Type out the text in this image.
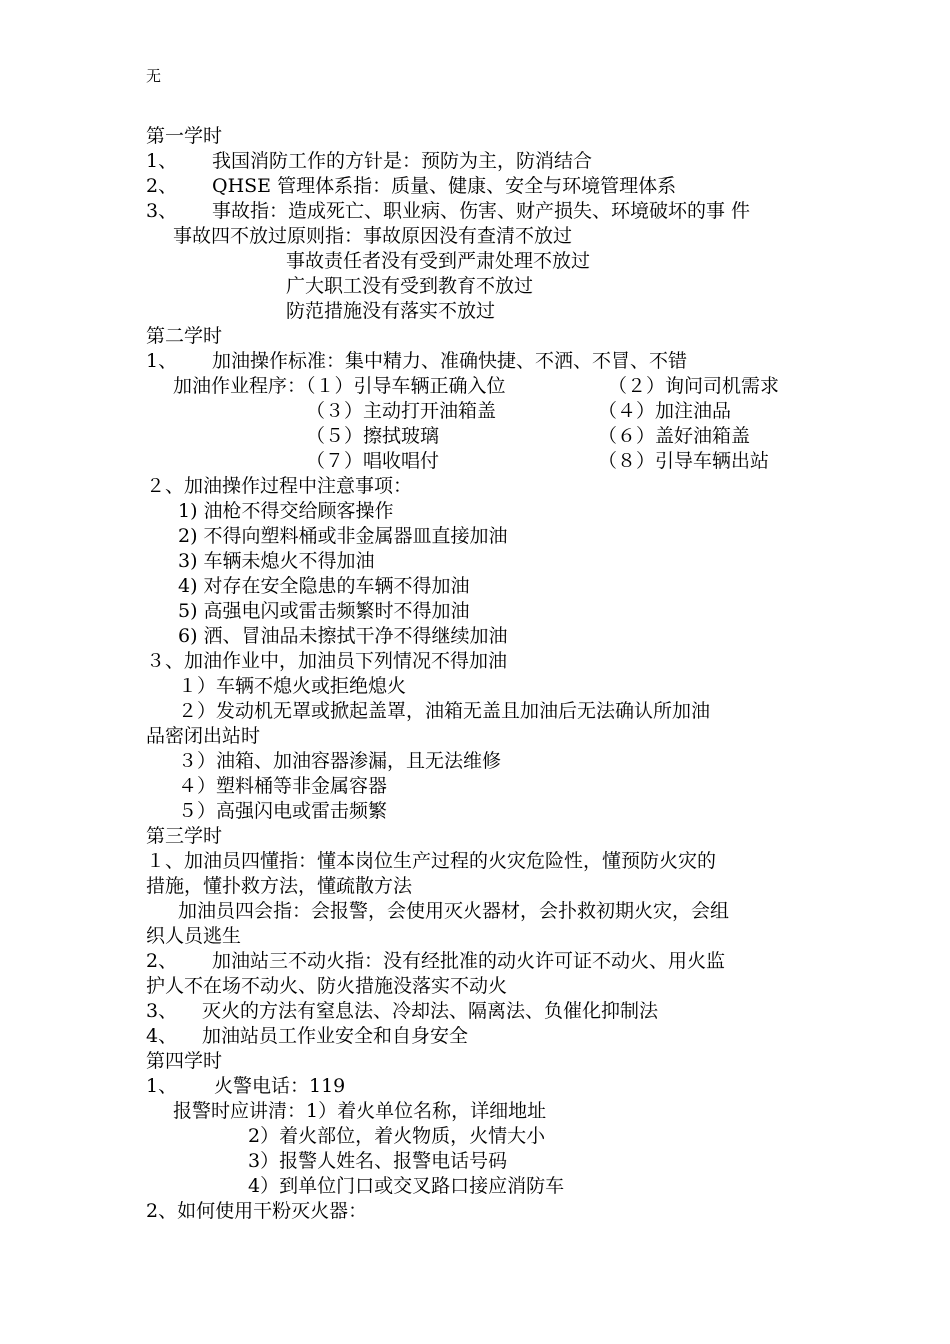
无
第一学时
1、 我国消防工作的方针是：预防为主，防消结合
2、 QHSE 管理体系指：质量、健康、安全与环境管理体系
3、 事故指：造成死亡、职业病、伤害、财产损失、环境破坏的事 件
事故四不放过原则指：事故原因没有查清不放过
事故责任者没有受到严肃处理不放过
广大职工没有受到教育不放过
防范措施没有落实不放过
第二学时
1、 加油操作标准：集中精力、准确快捷、不洒、不冒、不错
加油作业程序：（１）引导车辆正确入位	（２）询问司机需求
（３）主动打开油箱盖	（４）加注油品
（５）擦拭玻璃	（６）盖好油箱盖
（７）唱收唱付	（８）引导车辆出站
２、加油操作过程中注意事项：
1) 油枪不得交给顾客操作
2) 不得向塑料桶或非金属器皿直接加油
3) 车辆未熄火不得加油
4) 对存在安全隐患的车辆不得加油
5) 高强电闪或雷击频繁时不得加油
6) 洒、冒油品未擦拭干净不得继续加油
３、加油作业中，加油员下列情况不得加油
１）车辆不熄火或拒绝熄火
２）发动机无罩或掀起盖罩，油箱无盖且加油后无法确认所加油
品密闭出站时
３）油箱、加油容器渗漏，且无法维修
４）塑料桶等非金属容器
５）高强闪电或雷击频繁
第三学时
１、加油员四懂指：懂本岗位生产过程的火灾危险性，懂预防火灾的
措施，懂扑救方法，懂疏散方法
加油员四会指：会报警，会使用灭火器材，会扑救初期火灾，会组
织人员逃生
2、 加油站三不动火指：没有经批准的动火许可证不动火、用火监
护人不在场不动火、防火措施没落实不动火
3、 灭火的方法有窒息法、冷却法、隔离法、负催化抑制法
4、 加油站员工作业安全和自身安全
第四学时
1、 火警电话：119
报警时应讲清：1）着火单位名称，详细地址
2）着火部位，着火物质，火情大小
3）报警人姓名、报警电话号码
4）到单位门口或交叉路口接应消防车
2、如何使用干粉灭火器：
